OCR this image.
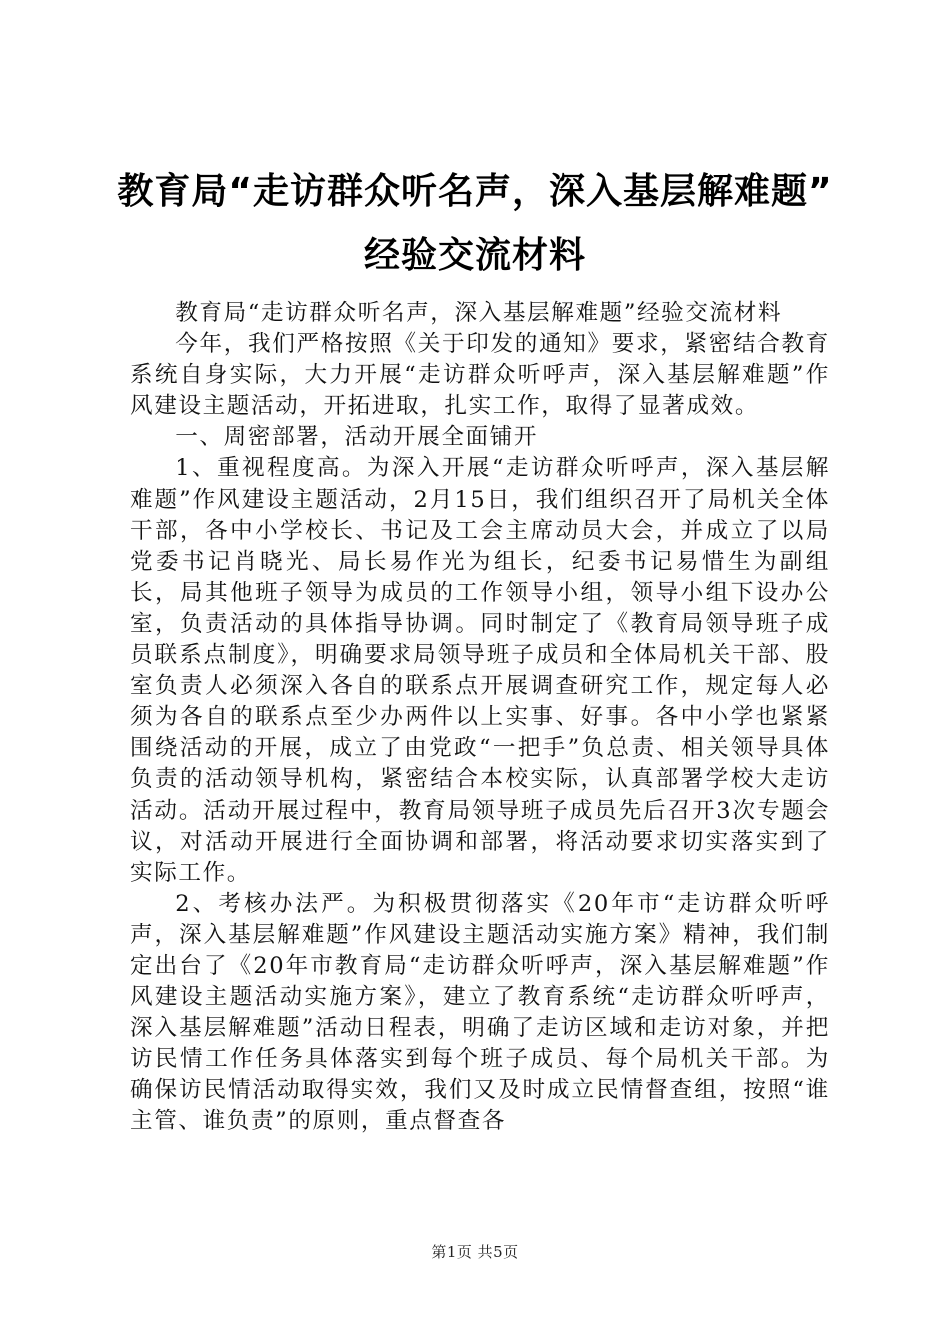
教育局“走访群众听名声，深入基层解难题”
经验交流材料

教育局“走访群众听名声，深入基层解难题”经验交流材料

今年，我们严格按照《关于印发的通知》要求，紧密结合教育系统自身实际，大力开展“走访群众听呼声，深入基层解难题”作风建设主题活动，开拓进取，扎实工作，取得了显著成效。

一、周密部署，活动开展全面铺开

1、重视程度高。为深入开展“走访群众听呼声，深入基层解难题”作风建设主题活动，2月15日，我们组织召开了局机关全体干部，各中小学校长、书记及工会主席动员大会，并成立了以局党委书记肖晓光、局长易作光为组长，纪委书记易惜生为副组长，局其他班子领导为成员的工作领导小组，领导小组下设办公室，负责活动的具体指导协调。同时制定了《教育局领导班子成员联系点制度》，明确要求局领导班子成员和全体局机关干部、股室负责人必须深入各自的联系点开展调查研究工作，规定每人必须为各自的联系点至少办两件以上实事、好事。各中小学也紧紧围绕活动的开展，成立了由党政“一把手”负总责、相关领导具体负责的活动领导机构，紧密结合本校实际，认真部署学校大走访活动。活动开展过程中，教育局领导班子成员先后召开3次专题会议，对活动开展进行全面协调和部署，将活动要求切实落实到了实际工作。

2、考核办法严。为积极贯彻落实《20年市“走访群众听呼声，深入基层解难题”作风建设主题活动实施方案》精神，我们制定出台了《20年市教育局“走访群众听呼声，深入基层解难题”作风建设主题活动实施方案》，建立了教育系统“走访群众听呼声，深入基层解难题”活动日程表，明确了走访区域和走访对象，并把访民情工作任务具体落实到每个班子成员、每个局机关干部。为确保访民情活动取得实效，我们又及时成立民情督查组，按照“谁主管、谁负责”的原则，重点督查各

第1页 共5页
